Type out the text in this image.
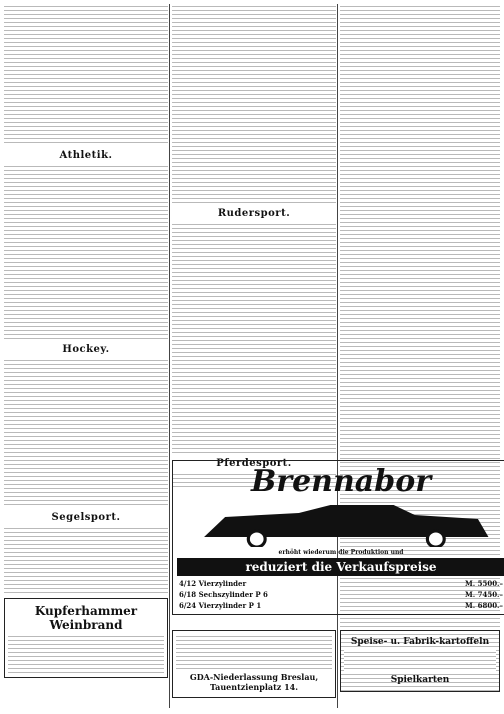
Athletik.
Hockey.
Segelsport.
Kupferhammer Weinbrand
Rudersport.
Pferdesport.
Brennabor
erhöht wiederum die Produktion und
reduziert die Verkaufspreise
4/12 Vierzylinder	M. 5500.–
6/18 Sechszylinder P 6	M. 7450.–
6/24 Vierzylinder P 1	M. 6800.–
GDA-Niederlassung Breslau, Tauentzienplatz 14.
Speise- u. Fabrik-kartoffeln
Spielkarten
